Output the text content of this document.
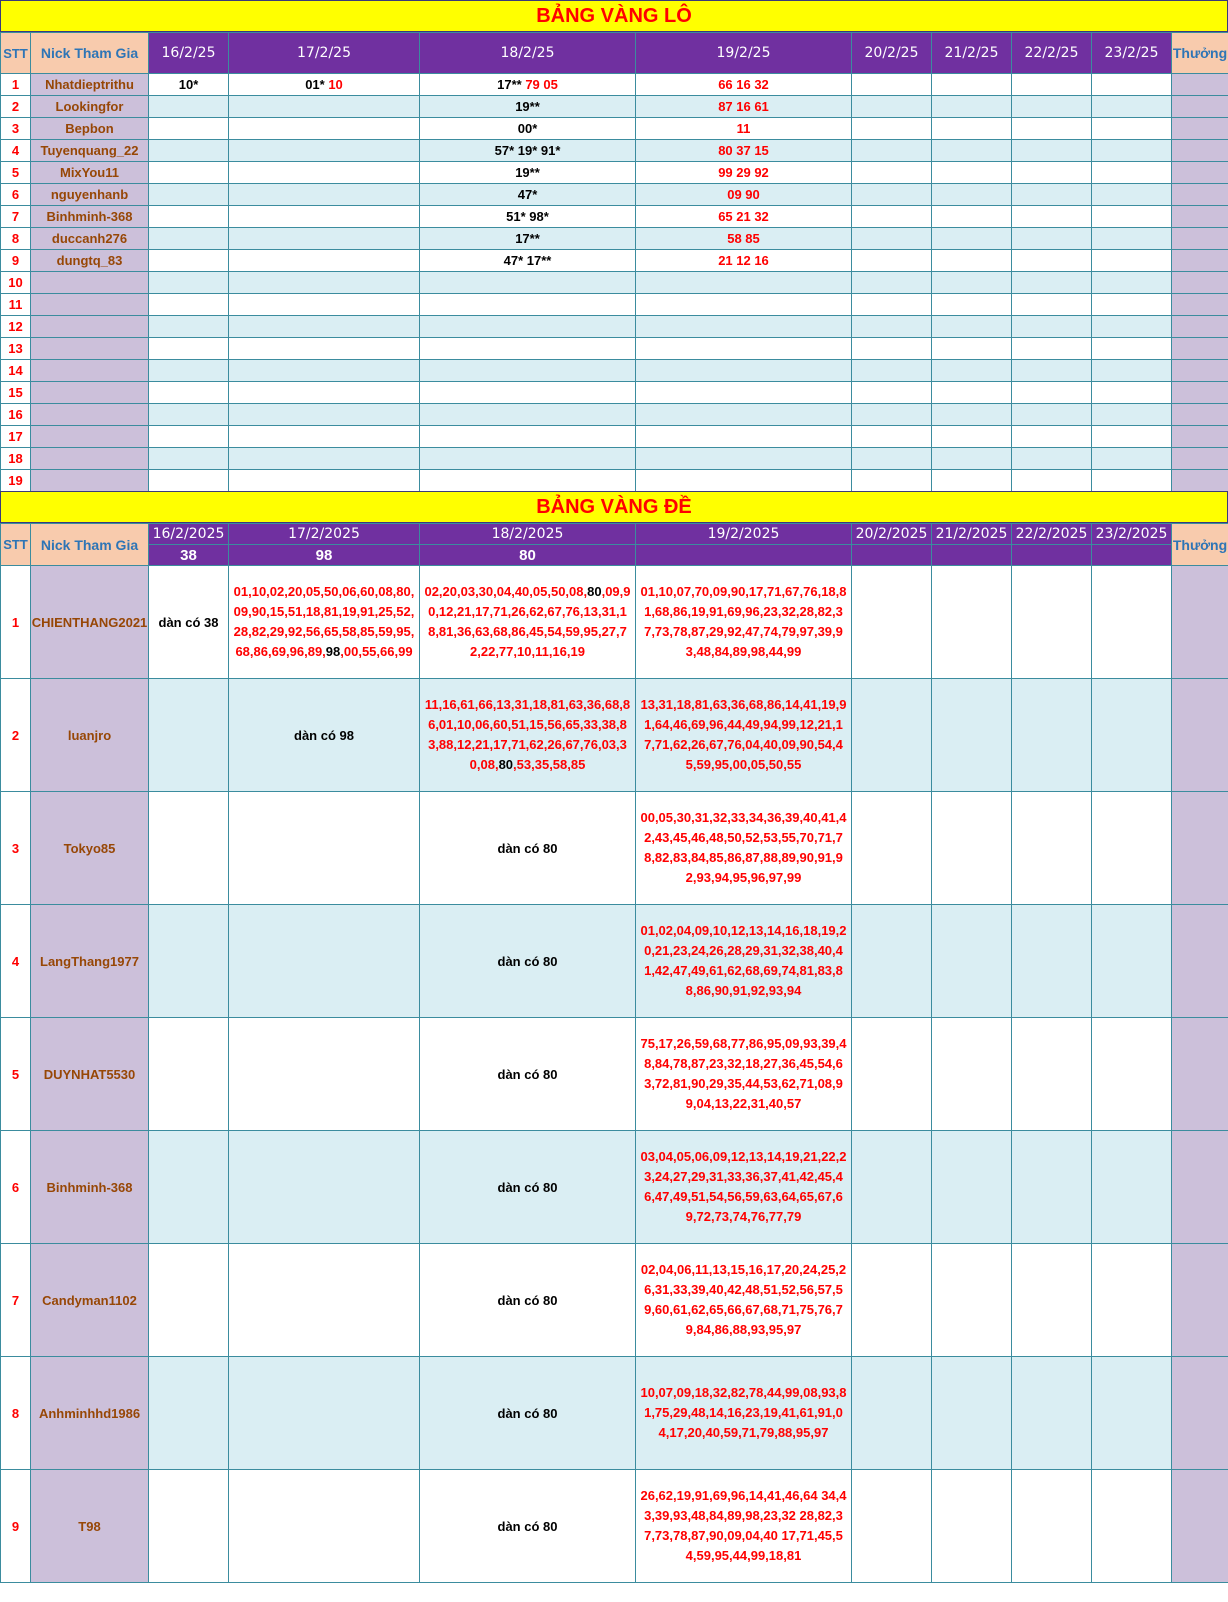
BẢNG VÀNG LÔ
STT	Nick Tham Gia	16/2/25	17/2/25	18/2/25	19/2/25	20/2/25	21/2/25	22/2/25	23/2/25	Thưởng
1	Nhatdieptrithu	10*	01* 10	17** 79 05	66 16 32					

2	Lookingfor			19**	87 16 61					

3	Bepbon			00*	11					

4	Tuyenquang_22			57* 19* 91*	80 37 15					

5	MixYou11			19**	99 29 92					

6	nguyenhanb			47*	09 90					

7	Binhminh-368			51* 98*	65 21 32					

8	duccanh276			17**	58 85					

9	dungtq_83			47* 17**	21 12 16					

10		

11		

12		

13		

14		

15		

16		

17		

18		

19		

BẢNG VÀNG ĐỀ
STT	Nick Tham Gia	16/2/2025	17/2/2025	18/2/2025	19/2/2025	20/2/2025	21/2/2025	22/2/2025	23/2/2025	Thưởng
		38	98	80						
1	CHIENTHANG2021	dàn có 38	01,10,02,20,05,50,06,60,08,80,09,90,15,51,18,81,19,91,25,52,28,82,29,92,56,65,58,85,59,95,68,86,69,96,89,98,00,55,66,99	02,20,03,30,04,40,05,50,08,80,09,90,12,21,17,71,26,62,67,76,13,31,18,81,36,63,68,86,45,54,59,95,27,72,22,77,10,11,16,19	01,10,07,70,09,90,17,71,67,76,18,81,68,86,19,91,69,96,23,32,28,82,37,73,78,87,29,92,47,74,79,97,39,93,48,84,89,98,44,99					

2	luanjro		dàn có 98	11,16,61,66,13,31,18,81,63,36,68,86,01,10,06,60,51,15,56,65,33,38,83,88,12,21,17,71,62,26,67,76,03,30,08,80,53,35,58,85	13,31,18,81,63,36,68,86,14,41,19,91,64,46,69,96,44,49,94,99,12,21,17,71,62,26,67,76,04,40,09,90,54,45,59,95,00,05,50,55					

3	Tokyo85			dàn có 80	00,05,30,31,32,33,34,36,39,40,41,42,43,45,46,48,50,52,53,55,70,71,78,82,83,84,85,86,87,88,89,90,91,92,93,94,95,96,97,99					

4	LangThang1977			dàn có 80	01,02,04,09,10,12,13,14,16,18,19,20,21,23,24,26,28,29,31,32,38,40,41,42,47,49,61,62,68,69,74,81,83,88,86,90,91,92,93,94					

5	DUYNHAT5530			dàn có 80	75,17,26,59,68,77,86,95,09,93,39,48,84,78,87,23,32,18,27,36,45,54,63,72,81,90,29,35,44,53,62,71,08,99,04,13,22,31,40,57					

6	Binhminh-368			dàn có 80	03,04,05,06,09,12,13,14,19,21,22,23,24,27,29,31,33,36,37,41,42,45,46,47,49,51,54,56,59,63,64,65,67,69,72,73,74,76,77,79					

7	Candyman1102			dàn có 80	02,04,06,11,13,15,16,17,20,24,25,26,31,33,39,40,42,48,51,52,56,57,59,60,61,62,65,66,67,68,71,75,76,79,84,86,88,93,95,97					

8	Anhminhhd1986			dàn có 80	10,07,09,18,32,82,78,44,99,08,93,81,75,29,48,14,16,23,19,41,61,91,04,17,20,40,59,71,79,88,95,97					

9	T98			dàn có 80	26,62,19,91,69,96,14,41,46,64 34,43,39,93,48,84,89,98,23,32 28,82,37,73,78,87,90,09,04,40 17,71,45,54,59,95,44,99,18,81					
